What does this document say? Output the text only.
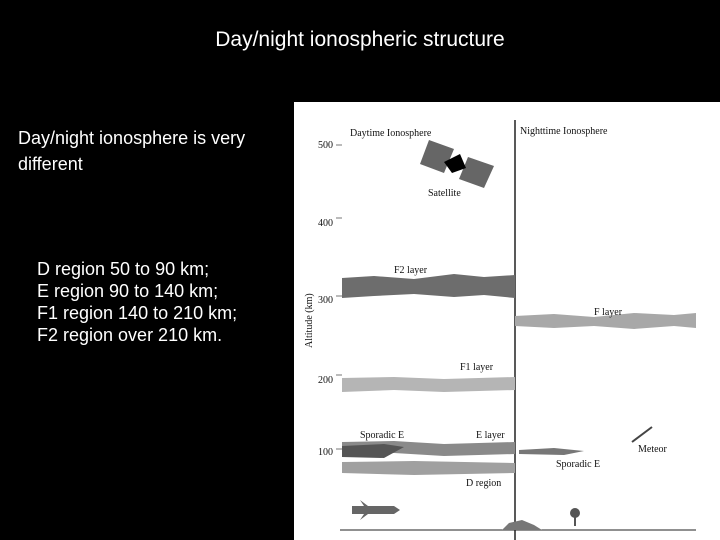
Day/night ionospheric structure
Day/night ionosphere is very different
D region 50 to 90 km;
E region 90 to 140 km;
F1 region 140 to 210 km;
F2 region over 210 km.
Daytime Ionosphere	Nighttime Ionosphere
Altitude (km)
500
400
300
200
100
Satellite
F2 layer
F layer
F1 layer
E layer
Sporadic E
Sporadic E
D region
Meteor
